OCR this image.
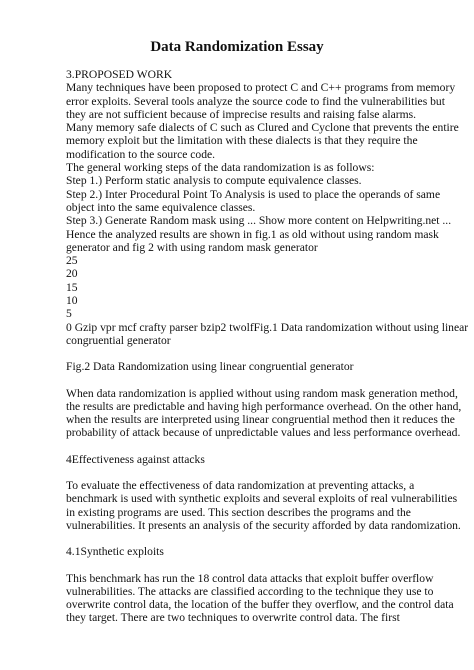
Data Randomization Essay
3.PROPOSED WORK
Many techniques have been proposed to protect C and C++ programs from memory
error exploits. Several tools analyze the source code to find the vulnerabilities but
they are not sufficient because of imprecise results and raising false alarms.
Many memory safe dialects of C such as Clured and Cyclone that prevents the entire
memory exploit but the limitation with these dialects is that they require the
modification to the source code.
The general working steps of the data randomization is as follows:
Step 1.) Perform static analysis to compute equivalence classes.
Step 2.) Inter Procedural Point To Analysis is used to place the operands of same
object into the same equivalence classes.
Step 3.) Generate Random mask using ... Show more content on Helpwriting.net ...
Hence the analyzed results are shown in fig.1 as old without using random mask
generator and fig 2 with using random mask generator
25
20
15
10
5
0 Gzip vpr mcf crafty parser bzip2 twolfFig.1 Data randomization without using linear
congruential generator
Fig.2 Data Randomization using linear congruential generator
When data randomization is applied without using random mask generation method,
the results are predictable and having high performance overhead. On the other hand,
when the results are interpreted using linear congruential method then it reduces the
probability of attack because of unpredictable values and less performance overhead.
4Effectiveness against attacks
To evaluate the effectiveness of data randomization at preventing attacks, a
benchmark is used with synthetic exploits and several exploits of real vulnerabilities
in existing programs are used. This section describes the programs and the
vulnerabilities. It presents an analysis of the security afforded by data randomization.
4.1Synthetic exploits
This benchmark has run the 18 control data attacks that exploit buffer overflow
vulnerabilities. The attacks are classified according to the technique they use to
overwrite control data, the location of the buffer they overflow, and the control data
they target. There are two techniques to overwrite control data. The first
